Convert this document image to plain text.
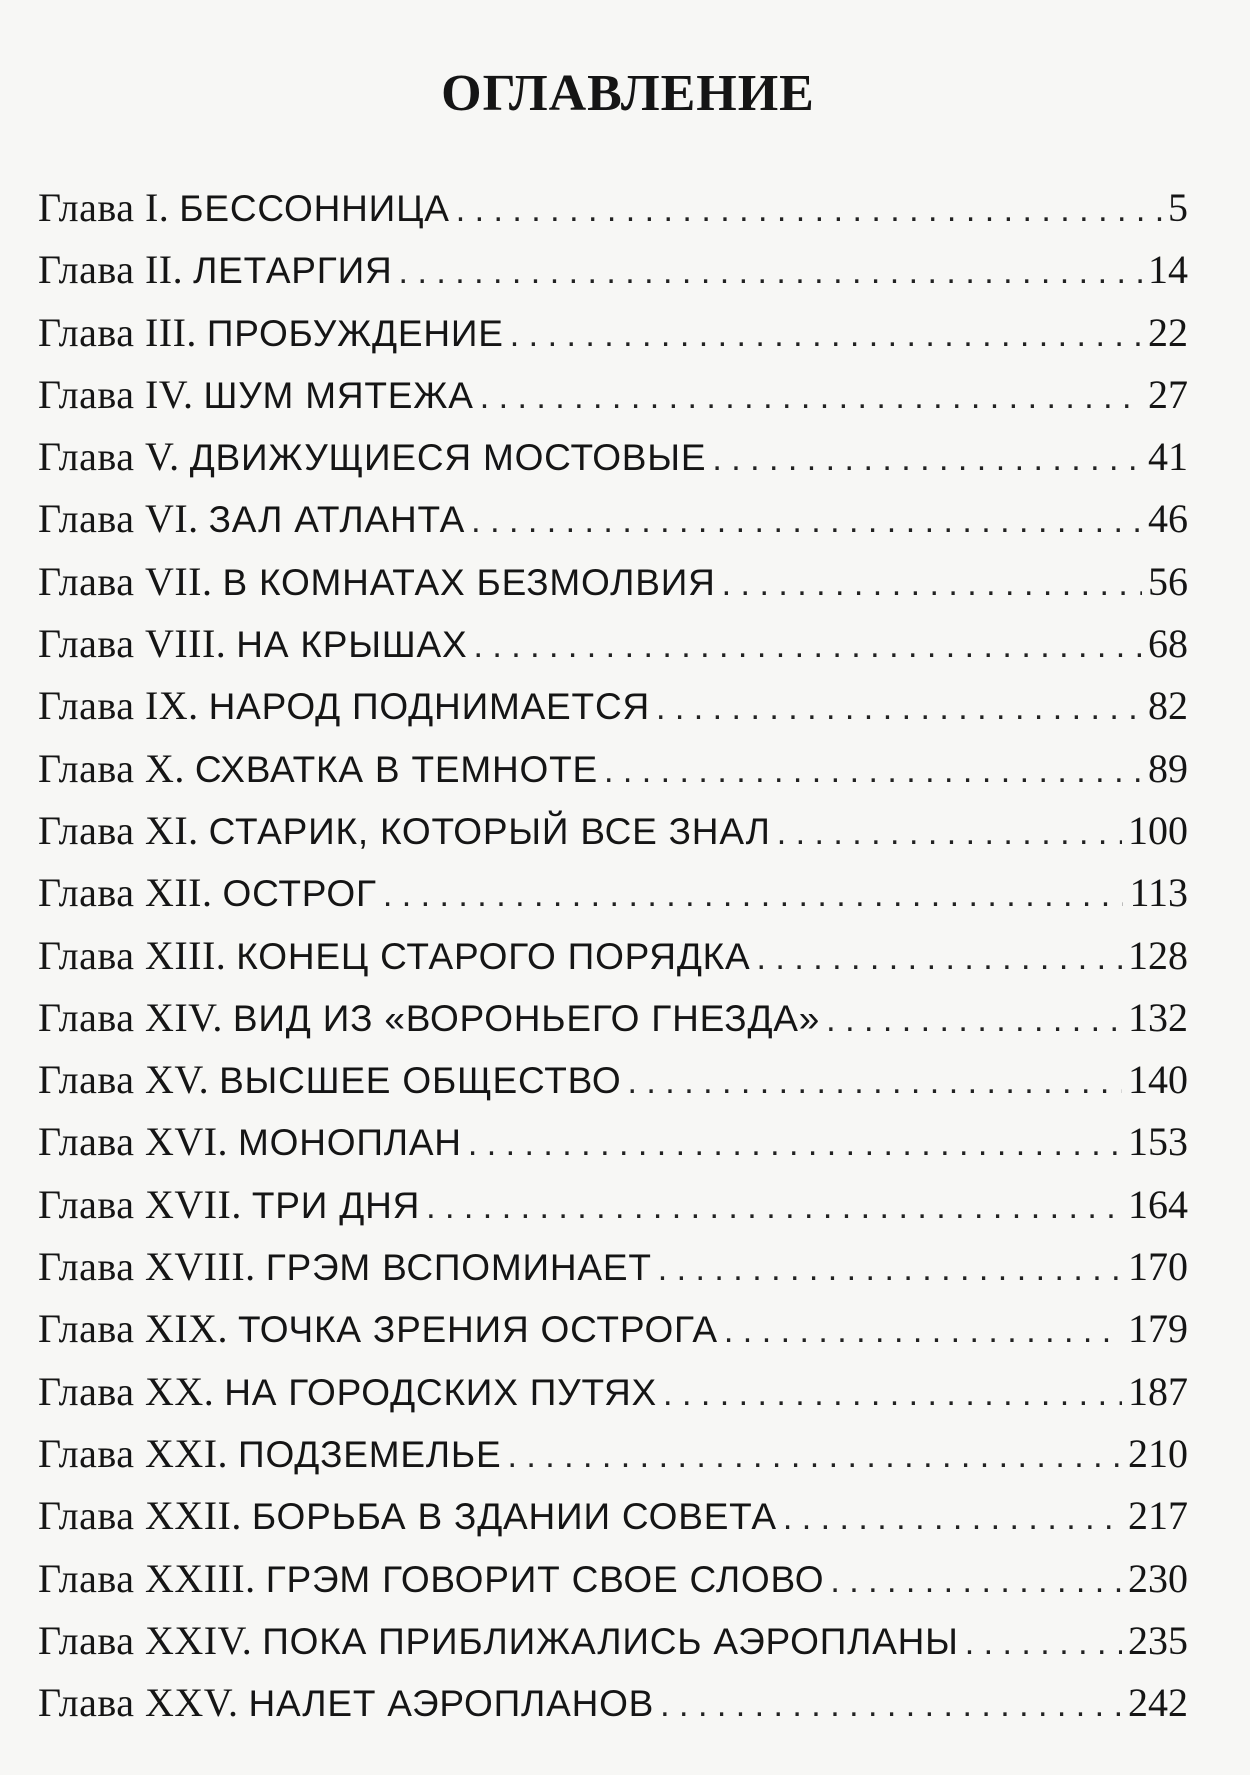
ОГЛАВЛЕНИЕ
Глава I. БЕССОННИЦА . . .	5
Глава II. ЛЕТАРГИЯ . . .	14
Глава III. ПРОБУЖДЕНИЕ . . .	22
Глава IV. ШУМ МЯТЕЖА . . .	27
Глава V. ДВИЖУЩИЕСЯ МОСТОВЫЕ . . .	41
Глава VI. ЗАЛ АТЛАНТА . . .	46
Глава VII. В КОМНАТАХ БЕЗМОЛВИЯ . . .	56
Глава VIII. НА КРЫШАХ . . .	68
Глава IX. НАРОД ПОДНИМАЕТСЯ . . .	82
Глава X. СХВАТКА В ТЕМНОТЕ . . .	89
Глава XI. СТАРИК, КОТОРЫЙ ВСЕ ЗНАЛ . . .	100
Глава XII. ОСТРОГ . . .	113
Глава XIII. КОНЕЦ СТАРОГО ПОРЯДКА . . .	128
Глава XIV. ВИД ИЗ «ВОРОНЬЕГО ГНЕЗДА» . . .	132
Глава XV. ВЫСШЕЕ ОБЩЕСТВО . . .	140
Глава XVI. МОНОПЛАН . . .	153
Глава XVII. ТРИ ДНЯ . . .	164
Глава XVIII. ГРЭМ ВСПОМИНАЕТ . . .	170
Глава XIX. ТОЧКА ЗРЕНИЯ ОСТРОГА . . .	179
Глава XX. НА ГОРОДСКИХ ПУТЯХ . . .	187
Глава XXI. ПОДЗЕМЕЛЬЕ . . .	210
Глава XXII. БОРЬБА В ЗДАНИИ СОВЕТА . . .	217
Глава XXIII. ГРЭМ ГОВОРИТ СВОЕ СЛОВО . . .	230
Глава XXIV. ПОКА ПРИБЛИЖАЛИСЬ АЭРОПЛАНЫ . . .	235
Глава XXV. НАЛЕТ АЭРОПЛАНОВ . . .	242
